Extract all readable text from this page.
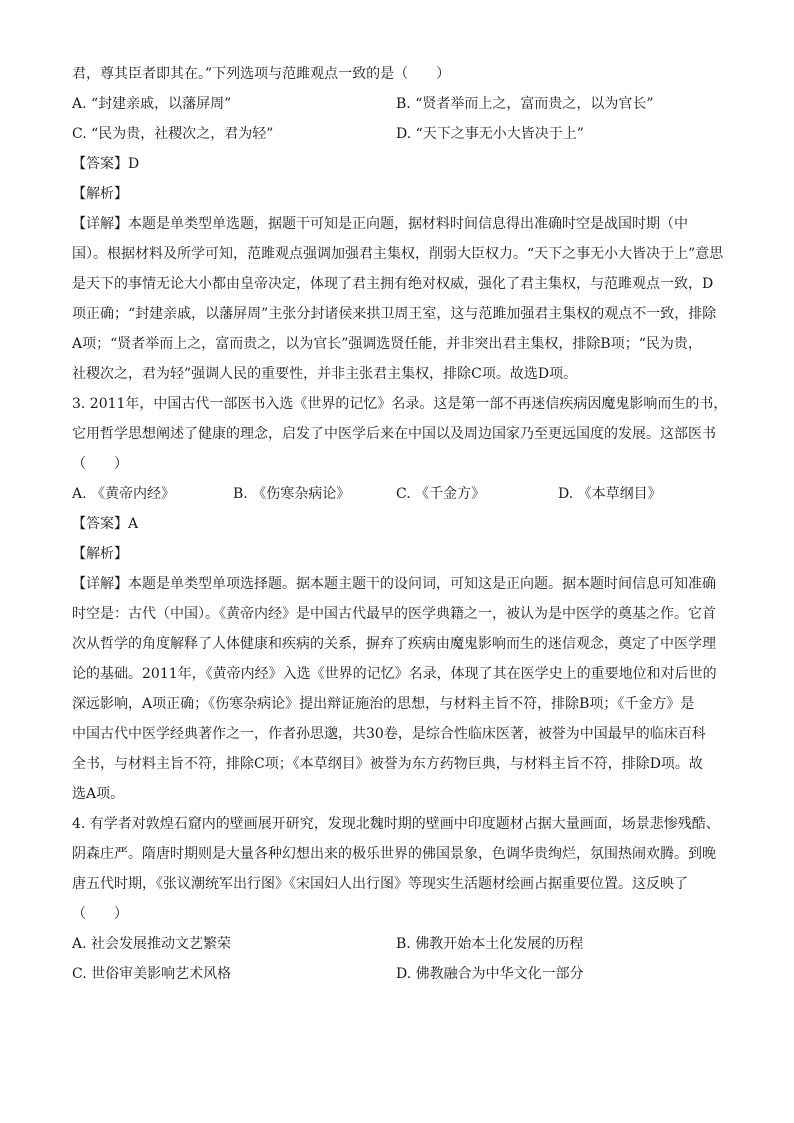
君，尊其臣者即其在。”下列选项与范雎观点一致的是（　　）
A. “封建亲戚，以藩屏周”	B. “贤者举而上之，富而贵之，以为官长”
C. “民为贵，社稷次之，君为轻”	D. “天下之事无小大皆决于上”
【答案】D
【解析】
【详解】本题是单类型单选题，据题干可知是正向题，据材料时间信息得出准确时空是战国时期（中
国）。根据材料及所学可知，范雎观点强调加强君主集权，削弱大臣权力。“天下之事无小大皆决于上”意思
是天下的事情无论大小都由皇帝决定，体现了君主拥有绝对权威，强化了君主集权，与范雎观点一致，D
项正确；“封建亲戚，以藩屏周”主张分封诸侯来拱卫周王室，这与范雎加强君主集权的观点不一致，排除
A项；“贤者举而上之，富而贵之，以为官长”强调选贤任能，并非突出君主集权，排除B项；“民为贵，
社稷次之，君为轻”强调人民的重要性，并非主张君主集权，排除C项。故选D项。
3. 2011年，中国古代一部医书入选《世界的记忆》名录。这是第一部不再迷信疾病因魔鬼影响而生的书，
它用哲学思想阐述了健康的理念，启发了中医学后来在中国以及周边国家乃至更远国度的发展。这部医书
（　　）
A. 《黄帝内经》	B. 《伤寒杂病论》	C. 《千金方》	D. 《本草纲目》
【答案】A
【解析】
【详解】本题是单类型单项选择题。据本题主题干的设问词，可知这是正向题。据本题时间信息可知准确
时空是：古代（中国）。《黄帝内经》是中国古代最早的医学典籍之一，被认为是中医学的奠基之作。它首
次从哲学的角度解释了人体健康和疾病的关系，摒弃了疾病由魔鬼影响而生的迷信观念，奠定了中医学理
论的基础。2011年，《黄帝内经》入选《世界的记忆》名录，体现了其在医学史上的重要地位和对后世的
深远影响，A项正确；《伤寒杂病论》提出辩证施治的思想，与材料主旨不符，排除B项；《千金方》是
中国古代中医学经典著作之一，作者孙思邈，共30卷，是综合性临床医著，被誉为中国最早的临床百科
全书，与材料主旨不符，排除C项；《本草纲目》被誉为东方药物巨典，与材料主旨不符，排除D项。故
选A项。
4. 有学者对敦煌石窟内的壁画展开研究，发现北魏时期的壁画中印度题材占据大量画面，场景悲惨残酷、
阴森庄严。隋唐时期则是大量各种幻想出来的极乐世界的佛国景象，色调华贵绚烂，氛围热闹欢腾。到晚
唐五代时期，《张议潮统军出行图》《宋国妇人出行图》等现实生活题材绘画占据重要位置。这反映了
（　　）
A. 社会发展推动文艺繁荣	B. 佛教开始本土化发展的历程
C. 世俗审美影响艺术风格	D. 佛教融合为中华文化一部分
